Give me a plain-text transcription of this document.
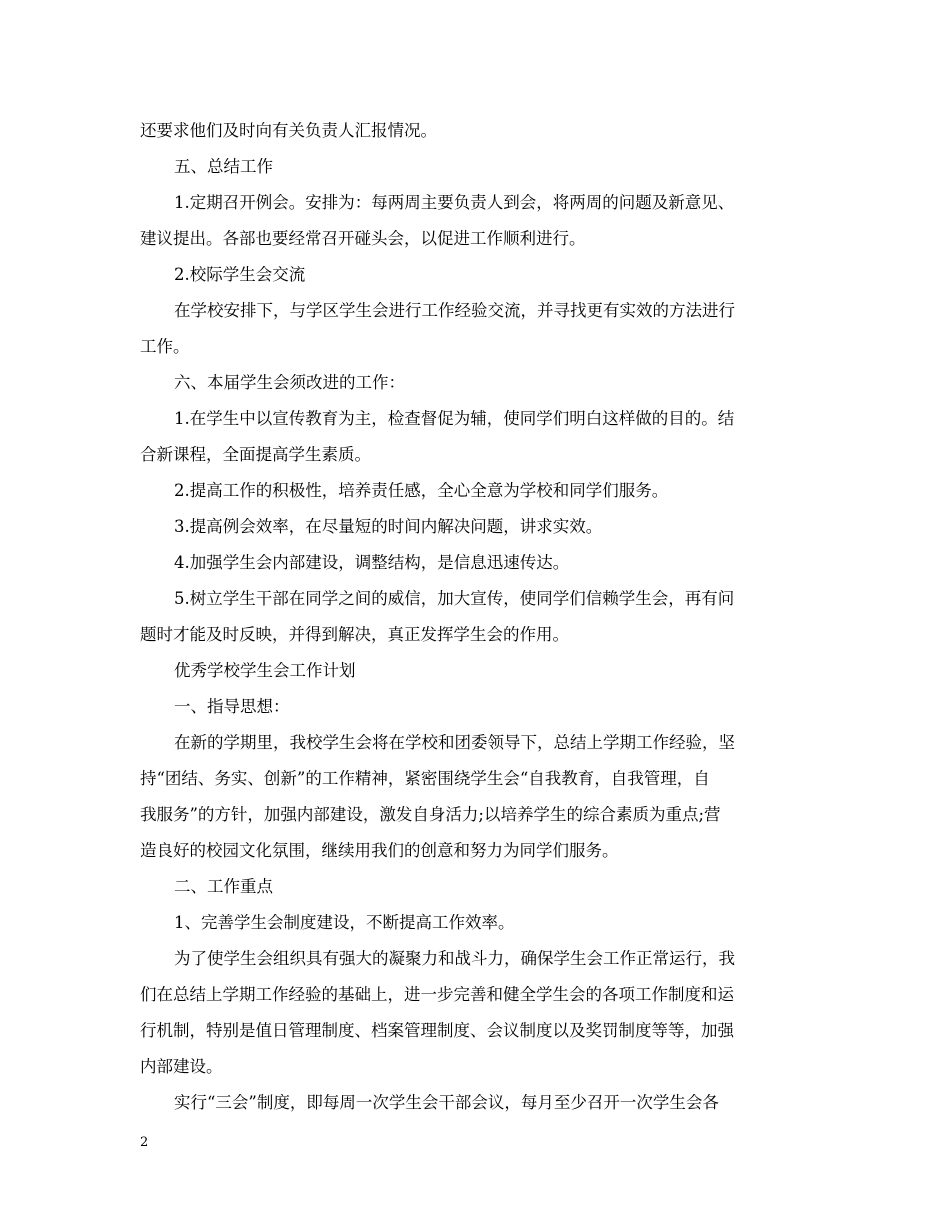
还要求他们及时向有关负责人汇报情况。
五、总结工作
1.定期召开例会。安排为：每两周主要负责人到会，将两周的问题及新意见、
建议提出。各部也要经常召开碰头会，以促进工作顺利进行。
2.校际学生会交流
在学校安排下，与学区学生会进行工作经验交流，并寻找更有实效的方法进行
工作。
六、本届学生会须改进的工作：
1.在学生中以宣传教育为主，检查督促为辅，使同学们明白这样做的目的。结
合新课程，全面提高学生素质。
2.提高工作的积极性，培养责任感，全心全意为学校和同学们服务。
3.提高例会效率，在尽量短的时间内解决问题，讲求实效。
4.加强学生会内部建设，调整结构，是信息迅速传达。
5.树立学生干部在同学之间的威信，加大宣传，使同学们信赖学生会，再有问
题时才能及时反映，并得到解决，真正发挥学生会的作用。
优秀学校学生会工作计划
一、指导思想：
在新的学期里，我校学生会将在学校和团委领导下，总结上学期工作经验，坚
持“团结、务实、创新”的工作精神，紧密围绕学生会“自我教育，自我管理，自
我服务”的方针，加强内部建设，激发自身活力;以培养学生的综合素质为重点;营
造良好的校园文化氛围，继续用我们的创意和努力为同学们服务。
二、工作重点
1、完善学生会制度建设，不断提高工作效率。
为了使学生会组织具有强大的凝聚力和战斗力，确保学生会工作正常运行，我
们在总结上学期工作经验的基础上，进一步完善和健全学生会的各项工作制度和运
行机制，特别是值日管理制度、档案管理制度、会议制度以及奖罚制度等等，加强
内部建设。
实行“三会”制度，即每周一次学生会干部会议，每月至少召开一次学生会各
2
